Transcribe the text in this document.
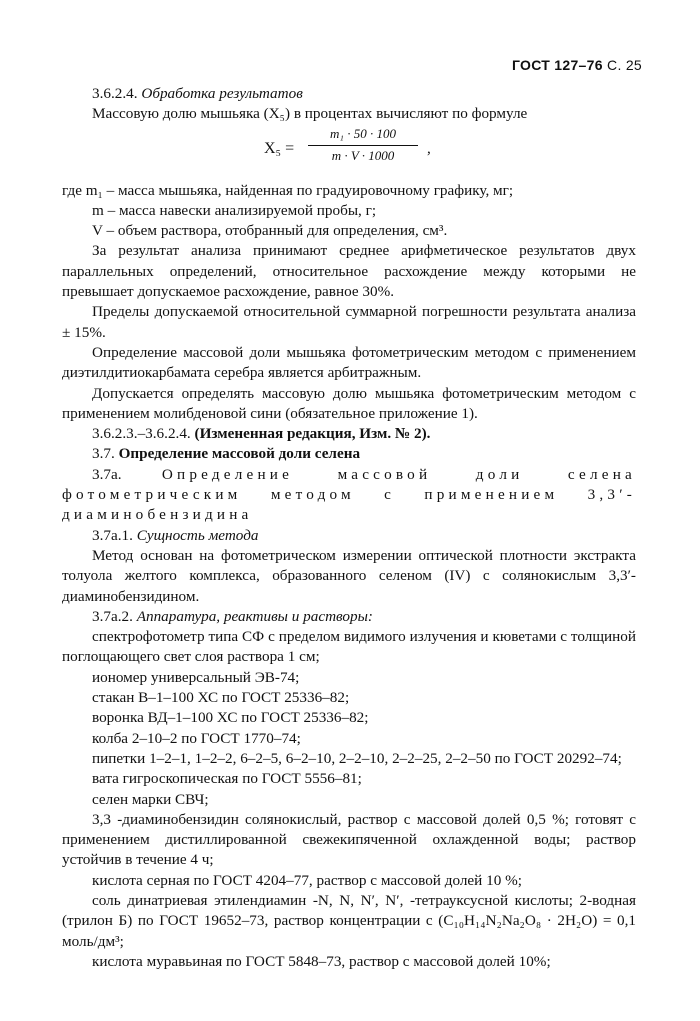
ГОСТ 127–76 С. 25

3.6.2.4. Обработка результатов

Массовую долю мышьяка (X₅) в процентах вычисляют по формуле

$X_5 = \frac{\text{m₁ · 50 · 100}}{m \cdot V \cdot 1000}$ ,

где m₁ – масса мышьяка, найденная по градуировочному графику, мг;

m – масса навески анализируемой пробы, г;

V – объем раствора, отобранный для определения, см³.

За результат анализа принимают среднее арифметическое результатов двух параллельных определений, относительное расхождение между которыми не превышает допускаемое расхождение, равное 30%.

Пределы допускаемой относительной суммарной погрешности результата анализа ± 15%.

Определение массовой доли мышьяка фотометрическим методом с применением диэтилдитиокарбамата серебра является арбитражным.

Допускается определять массовую долю мышьяка фотометрическим методом с применением молибденовой сини (обязательное приложение 1).

3.6.2.3.–3.6.2.4. (Измененная редакция, Изм. № 2).

3.7. Определение массовой доли селена

3.7а. Определение массовой доли селена фотометрическим методом с применением 3,3′-диаминобензидина

3.7а.1. Сущность метода

Метод основан на фотометрическом измерении оптической плотности экстракта толуола желтого комплекса, образованного селеном (IV) с солянокислым 3,3′-диаминобензидином.

3.7а.2. Аппаратура, реактивы и растворы:

спектрофотометр типа СФ с пределом видимого излучения и кюветами с толщиной поглощающего свет слоя раствора 1 см;

иономер универсальный ЭВ-74;

стакан В–1–100 ХС по ГОСТ 25336–82;

воронка ВД–1–100 ХС по ГОСТ 25336–82;

колба 2–10–2 по ГОСТ 1770–74;

пипетки 1–2–1, 1–2–2, 6–2–5, 6–2–10, 2–2–10, 2–2–25, 2–2–50 по ГОСТ 20292–74;

вата гигроскопическая по ГОСТ 5556–81;

селен марки СВЧ;

3,3 -диаминобензидин солянокислый, раствор с массовой долей 0,5 %; готовят с применением дистиллированной свежекипяченной охлажденной воды; раствор устойчив в течение 4 ч;

кислота серная по ГОСТ 4204–77, раствор с массовой долей 10 %;

соль динатриевая этилендиамин -N, N, N′, N′, -тетрауксусной кислоты; 2-водная (трилон Б) по ГОСТ 19652–73, раствор концентрации с (C₁₀H₁₄N₂Na₂O₈ · 2H₂O) = 0,1 моль/дм³;

кислота муравьиная по ГОСТ 5848–73, раствор с массовой долей 10%;
